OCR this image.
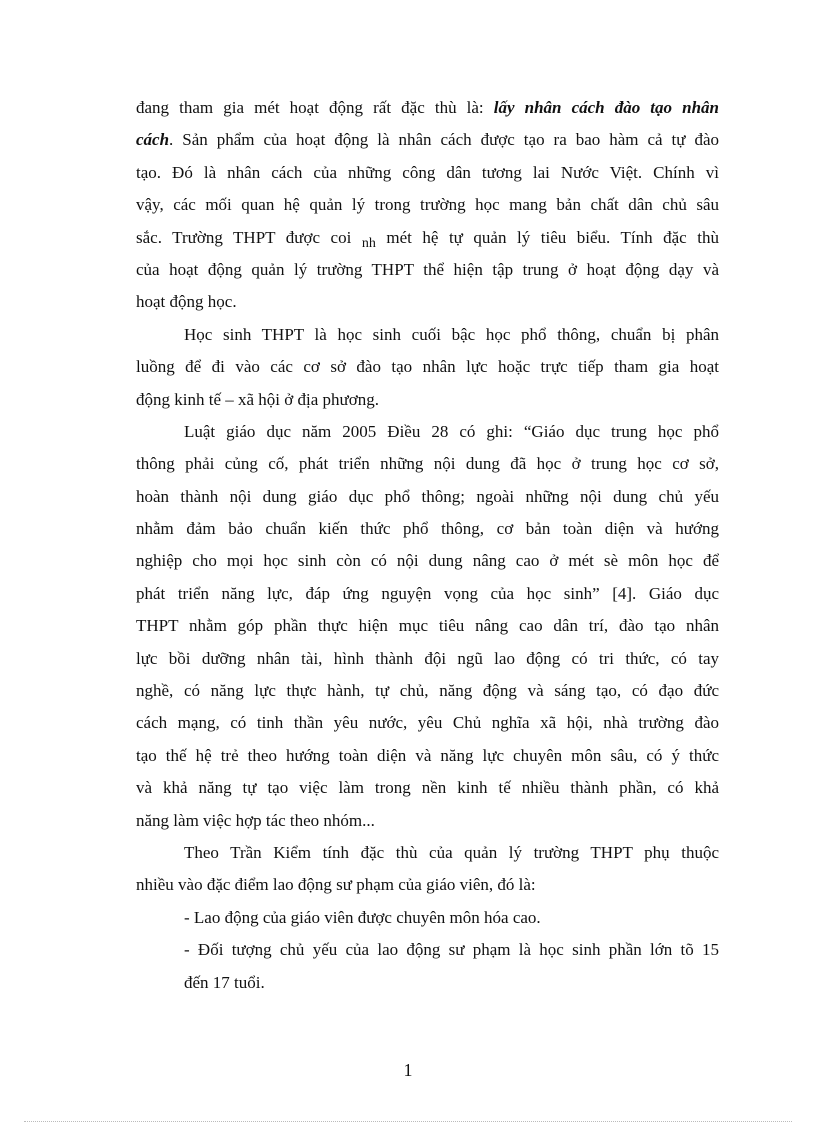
đang tham gia mét hoạt động rất đặc thù là: lấy nhân cách đào tạo nhân
cách. Sản phẩm của hoạt động là nhân cách được tạo ra bao hàm cả tự đào
tạo. Đó là nhân cách của những công dân tương lai Nước Việt. Chính vì
vậy, các mối quan hệ quản lý trong trường học mang bản chất dân chủ sâu
sắc. Trường THPT được coi $_{nh}$ mét hệ tự quản lý tiêu biểu. Tính đặc thù
của hoạt động quản lý trường THPT thể hiện tập trung ở hoạt động dạy và
hoạt động học.
Học sinh THPT là học sinh cuối bậc học phổ thông, chuẩn bị phân
luồng để đi vào các cơ sở đào tạo nhân lực hoặc trực tiếp tham gia hoạt
động kinh tế – xã hội ở địa phương.
Luật giáo dục năm 2005 Điều 28 có ghi: “Giáo dục trung học phổ
thông phải củng cố, phát triển những nội dung đã học ở trung học cơ sở,
hoàn thành nội dung giáo dục phổ thông; ngoài những nội dung chủ yếu
nhằm đảm bảo chuẩn kiến thức phổ thông, cơ bản toàn diện và hướng
nghiệp cho mọi học sinh còn có nội dung nâng cao ở mét sè môn học để
phát triển năng lực, đáp ứng nguyện vọng của học sinh” [4]. Giáo dục
THPT nhằm góp phần thực hiện mục tiêu nâng cao dân trí, đào tạo nhân
lực bồi dưỡng nhân tài, hình thành đội ngũ lao động có tri thức, có tay
nghề, có năng lực thực hành, tự chủ, năng động và sáng tạo, có đạo đức
cách mạng, có tinh thần yêu nước, yêu Chủ nghĩa xã hội, nhà trường đào
tạo thế hệ trẻ theo hướng toàn diện và năng lực chuyên môn sâu, có ý thức
và khả năng tự tạo việc làm trong nền kinh tế nhiều thành phần, có khả
năng làm việc hợp tác theo nhóm...
Theo Trần Kiểm tính đặc thù của quản lý trường THPT phụ thuộc
nhiều vào đặc điểm lao động sư phạm của giáo viên, đó là:
- Lao động của giáo viên được chuyên môn hóa cao.
- Đối tượng chủ yếu của lao động sư phạm là học sinh phần lớn tõ 15
đến 17 tuổi.
1
